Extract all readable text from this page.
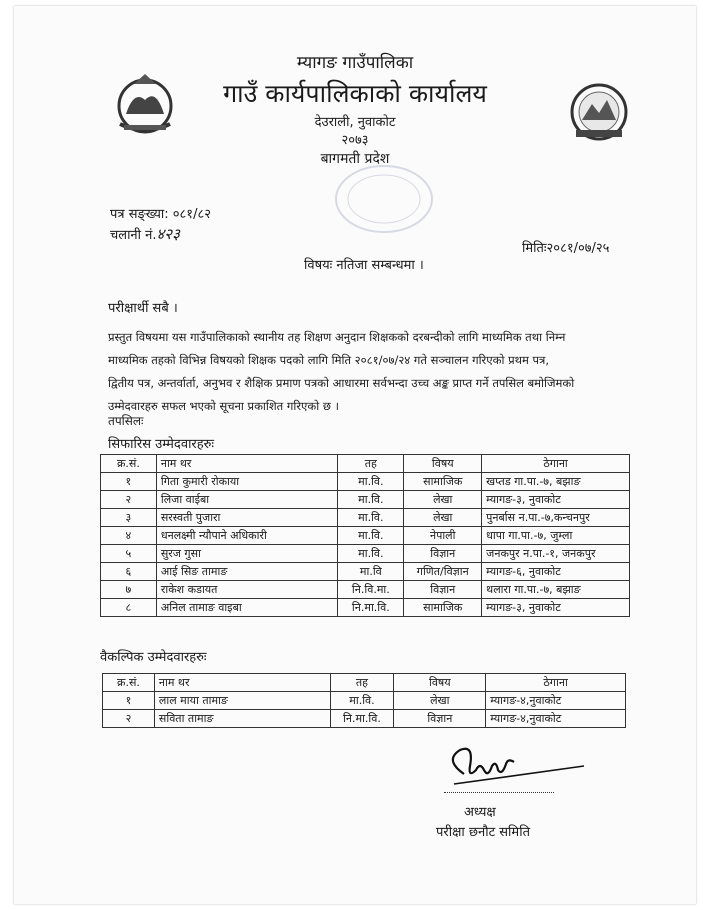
म्यागङ गाउँपालिका
गाउँ कार्यपालिकाको कार्यालय
देउराली, नुवाकोट
२०७३
बागमती प्रदेश
पत्र सङ्ख्या: ०८१/८२
चलानी नं.४२३
मितिः२०८१/०७/२५
विषयः नतिजा सम्बन्धमा ।
परीक्षार्थी सबै ।
प्रस्तुत विषयमा यस गाउँपालिकाको स्थानीय तह शिक्षण अनुदान शिक्षकको दरबन्दीको लागि माध्यमिक तथा निम्न
माध्यमिक तहको विभिन्न विषयको शिक्षक पदको लागि मिति २०८१/०७/२४ गते सञ्चालन गरिएको प्रथम पत्र,
द्वितीय पत्र, अन्तर्वार्ता, अनुभव र शैक्षिक प्रमाण पत्रको आधारमा सर्वभन्दा उच्च अङ्क प्राप्त गर्ने तपसिल बमोजिमको
उम्मेदवारहरु सफल भएको सूचना प्रकाशित गरिएको छ ।
तपसिलः
सिफारिस उम्मेदवारहरुः
क्र.सं.	नाम थर	तह	विषय	ठेगाना
१	गिता कुमारी रोकाया	मा.वि.	सामाजिक	खप्तड गा.पा.-७, बझाङ
२	लिजा वाईबा	मा.वि.	लेखा	म्यागङ-३, नुवाकोट
३	सरस्वती पुजारा	मा.वि.	लेखा	पुनर्बास न.पा.-७,कन्चनपुर
४	धनलक्ष्मी न्यौपाने अधिकारी	मा.वि.	नेपाली	धापा गा.पा.-७, जुम्ला
५	सुरज गुसा	मा.वि.	विज्ञान	जनकपुर न.पा.-१, जनकपुर
६	आई सिङ तामाङ	मा.वि	गणित/विज्ञान	म्यागङ-६, नुवाकोट
७	राकेश कडायत	नि.वि.मा.	विज्ञान	थलारा गा.पा.-७, बझाङ
८	अनिल तामाङ वाइबा	नि.मा.वि.	सामाजिक	म्यागङ-३, नुवाकोट
वैकल्पिक उम्मेदवारहरुः
क्र.सं.	नाम थर	तह	विषय	ठेगाना
१	लाल माया तामाङ	मा.वि.	लेखा	म्यागङ-४,नुवाकोट
२	सविता तामाङ	नि.मा.वि.	विज्ञान	म्यागङ-४,नुवाकोट
अध्यक्ष
परीक्षा छनौट समिति
